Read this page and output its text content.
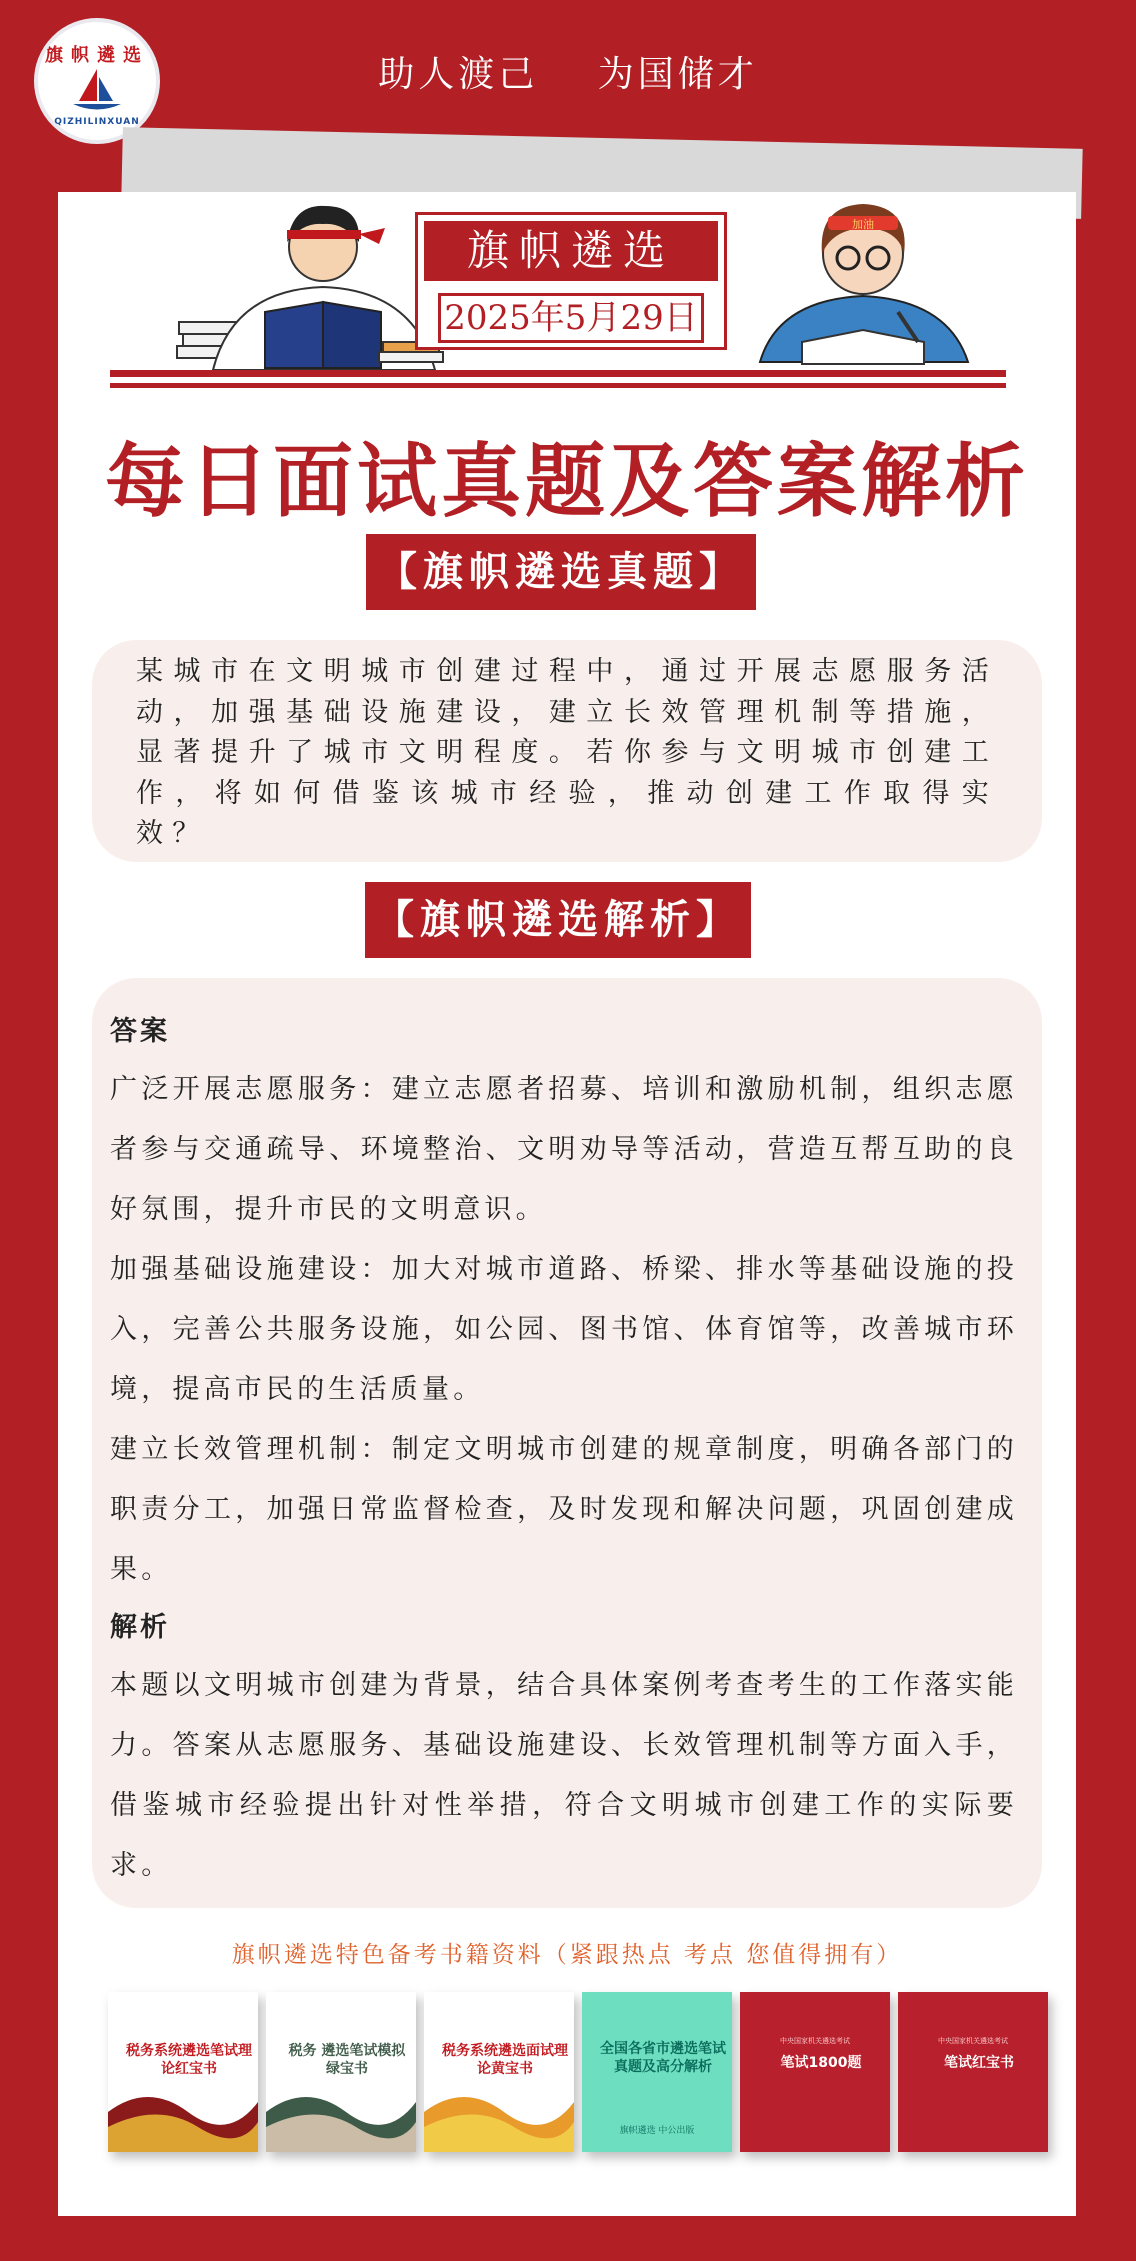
旗帜遴选
QIZHILINXUAN
助人渡己 为国储才
旗帜遴选
2025年5月29日
加油
每日面试真题及答案解析
【旗帜遴选真题】

某城市在文明城市创建过程中，通过开展志愿服务活动，加强基础设施建设，建立长效管理机制等措施，显著提升了城市文明程度。若你参与文明城市创建工作，将如何借鉴该城市经验，推动创建工作取得实效？

【旗帜遴选解析】

答案

广泛开展志愿服务：建立志愿者招募、培训和激励机制，组织志愿者参与交通疏导、环境整治、文明劝导等活动，营造互帮互助的良好氛围，提升市民的文明意识。

加强基础设施建设：加大对城市道路、桥梁、排水等基础设施的投入，完善公共服务设施，如公园、图书馆、体育馆等，改善城市环境，提高市民的生活质量。

建立长效管理机制：制定文明城市创建的规章制度，明确各部门的职责分工，加强日常监督检查，及时发现和解决问题，巩固创建成果。

解析

本题以文明城市创建为背景，结合具体案例考查考生的工作落实能力。答案从志愿服务、基础设施建设、长效管理机制等方面入手，借鉴城市经验提出针对性举措，符合文明城市创建工作的实际要求。

旗帜遴选特色备考书籍资料（紧跟热点 考点 您值得拥有）
税务系统遴选笔试理论红宝书
税务 遴选笔试模拟绿宝书
税务系统遴选面试理论黄宝书
全国各省市遴选笔试真题及高分解析
旗帜遴选 中公出版
中央国家机关遴选考试
笔试1800题
中央国家机关遴选考试
笔试红宝书
